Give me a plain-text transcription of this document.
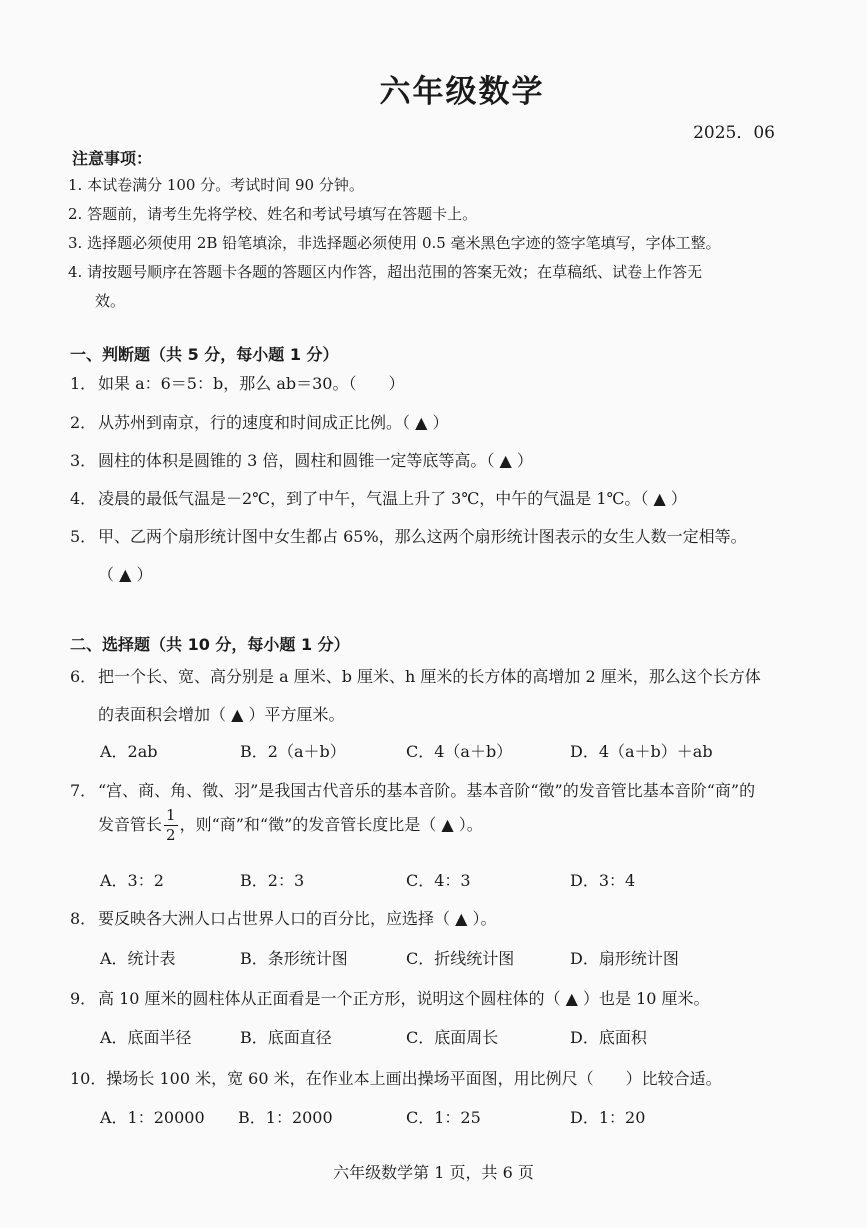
六年级数学
2025．06
注意事项：
1. 本试卷满分 100 分。考试时间 90 分钟。
2. 答题前，请考生先将学校、姓名和考试号填写在答题卡上。
3. 选择题必须使用 2B 铅笔填涂，非选择题必须使用 0.5 毫米黑色字迹的签字笔填写，字体工整。
4. 请按题号顺序在答题卡各题的答题区内作答，超出范围的答案无效；在草稿纸、试卷上作答无
效。
一、判断题（共 5 分，每小题 1 分）
1． 如果 a：6＝5：b，那么 ab＝30。（　　）
2． 从苏州到南京，行的速度和时间成正比例。（ ▲ ）
3． 圆柱的体积是圆锥的 3 倍，圆柱和圆锥一定等底等高。（ ▲ ）
4． 凌晨的最低气温是－2℃，到了中午，气温上升了 3℃，中午的气温是 1℃。（ ▲ ）
5． 甲、乙两个扇形统计图中女生都占 65%，那么这两个扇形统计图表示的女生人数一定相等。
（ ▲ ）
二、选择题（共 10 分，每小题 1 分）
6． 把一个长、宽、高分别是 a 厘米、b 厘米、h 厘米的长方体的高增加 2 厘米，那么这个长方体
的表面积会增加（ ▲ ）平方厘米。
A．2ab	B．2（a＋b）	C．4（a＋b）	D．4（a＋b）＋ab
7． “宫、商、角、徵、羽”是我国古代音乐的基本音阶。基本音阶“徵”的发音管比基本音阶“商”的
发音管长 $\frac{1}{2}$ ，则“商”和“徵”的发音管长度比是（ ▲ ）。
A．3：2	B．2：3	C．4：3	D．3：4
8． 要反映各大洲人口占世界人口的百分比，应选择（ ▲ ）。
A．统计表	B．条形统计图	C．折线统计图	D．扇形统计图
9． 高 10 厘米的圆柱体从正面看是一个正方形，说明这个圆柱体的（ ▲ ）也是 10 厘米。
A．底面半径	B．底面直径	C．底面周长	D．底面积
10．操场长 100 米，宽 60 米，在作业本上画出操场平面图，用比例尺（　　）比较合适。
A．1：20000 B．1：2000	C．1：25	D．1：20
六年级数学第 1 页，共 6 页
